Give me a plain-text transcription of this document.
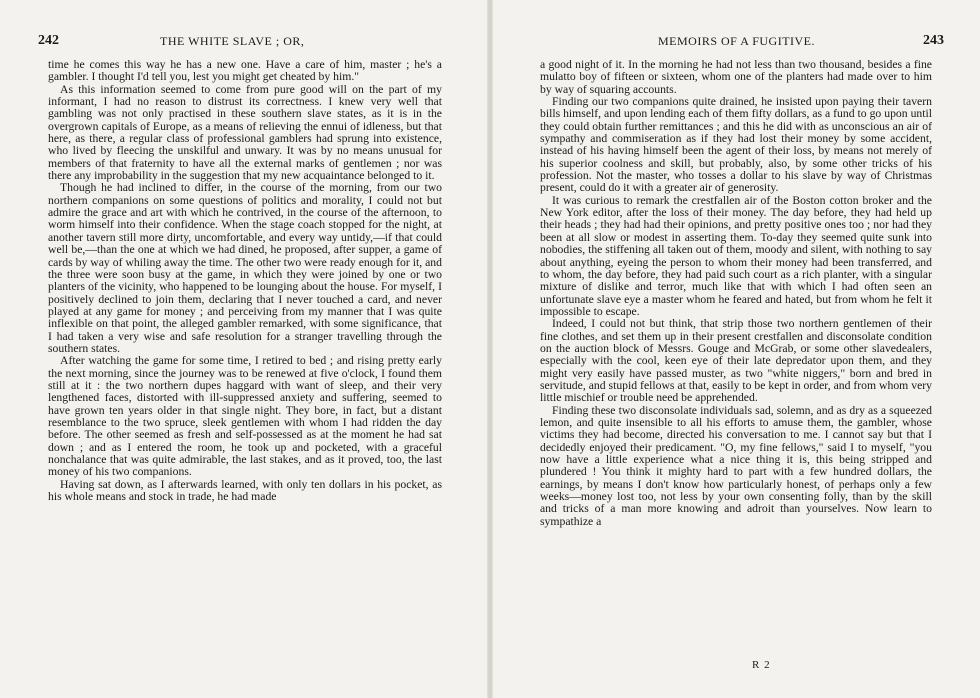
242	THE WHITE SLAVE ; OR,

time he comes this way he has a new one. Have a care of him, master ; he's a gambler. I thought I'd tell you, lest you might get cheated by him."

As this information seemed to come from pure good will on the part of my informant, I had no reason to distrust its correctness. I knew very well that gambling was not only practised in these southern slave states, as it is in the overgrown capitals of Europe, as a means of relieving the ennui of idleness, but that here, as there, a regular class of professional gamblers had sprung into existence, who lived by fleecing the unskilful and unwary. It was by no means unusual for members of that fraternity to have all the external marks of gentlemen ; nor was there any improbability in the suggestion that my new acquaintance belonged to it.

Though he had inclined to differ, in the course of the morning, from our two northern companions on some questions of politics and morality, I could not but admire the grace and art with which he contrived, in the course of the afternoon, to worm himself into their confidence. When the stage coach stopped for the night, at another tavern still more dirty, uncomfortable, and every way untidy,—if that could well be,—than the one at which we had dined, he proposed, after supper, a game of cards by way of whiling away the time. The other two were ready enough for it, and the three were soon busy at the game, in which they were joined by one or two planters of the vicinity, who happened to be lounging about the house. For myself, I positively declined to join them, declaring that I never touched a card, and never played at any game for money ; and perceiving from my manner that I was quite inflexible on that point, the alleged gambler remarked, with some significance, that I had taken a very wise and safe resolution for a stranger travelling through the southern states.

After watching the game for some time, I retired to bed ; and rising pretty early the next morning, since the journey was to be renewed at five o'clock, I found them still at it : the two northern dupes haggard with want of sleep, and their very lengthened faces, distorted with ill-suppressed anxiety and suffering, seemed to have grown ten years older in that single night. They bore, in fact, but a distant resemblance to the two spruce, sleek gentlemen with whom I had ridden the day before. The other seemed as fresh and self-possessed as at the moment he had sat down ; and as I entered the room, he took up and pocketed, with a graceful nonchalance that was quite admirable, the last stakes, and as it proved, too, the last money of his two companions.

Having sat down, as I afterwards learned, with only ten dollars in his pocket, as his whole means and stock in trade, he had made

MEMOIRS OF A FUGITIVE.	243

a good night of it. In the morning he had not less than two thousand, besides a fine mulatto boy of fifteen or sixteen, whom one of the planters had made over to him by way of squaring accounts.

Finding our two companions quite drained, he insisted upon paying their tavern bills himself, and upon lending each of them fifty dollars, as a fund to go upon until they could obtain further remittances ; and this he did with as unconscious an air of sympathy and commiseration as if they had lost their money by some accident, instead of his having himself been the agent of their loss, by means not merely of his superior coolness and skill, but probably, also, by some other tricks of his profession. Not the master, who tosses a dollar to his slave by way of Christmas present, could do it with a greater air of generosity.

It was curious to remark the crestfallen air of the Boston cotton broker and the New York editor, after the loss of their money. The day before, they had held up their heads ; they had had their opinions, and pretty positive ones too ; nor had they been at all slow or modest in asserting them. To-day they seemed quite sunk into nobodies, the stiffening all taken out of them, moody and silent, with nothing to say about anything, eyeing the person to whom their money had been transferred, and to whom, the day before, they had paid such court as a rich planter, with a singular mixture of dislike and terror, much like that with which I had often seen an unfortunate slave eye a master whom he feared and hated, but from whom he felt it impossible to escape.

Indeed, I could not but think, that strip those two northern gentlemen of their fine clothes, and set them up in their present crestfallen and disconsolate condition on the auction block of Messrs. Gouge and McGrab, or some other slavedealers, especially with the cool, keen eye of their late depredator upon them, and they might very easily have passed muster, as two "white niggers," born and bred in servitude, and stupid fellows at that, easily to be kept in order, and from whom very little mischief or trouble need be apprehended.

Finding these two disconsolate individuals sad, solemn, and as dry as a squeezed lemon, and quite insensible to all his efforts to amuse them, the gambler, whose victims they had become, directed his conversation to me. I cannot say but that I decidedly enjoyed their predicament. "O, my fine fellows," said I to myself, "you now have a little experience what a nice thing it is, this being stripped and plundered ! You think it mighty hard to part with a few hundred dollars, the earnings, by means I don't know how particularly honest, of perhaps only a few weeks—money lost too, not less by your own consenting folly, than by the skill and tricks of a man more knowing and adroit than yourselves. Now learn to sympathize a

R 2
